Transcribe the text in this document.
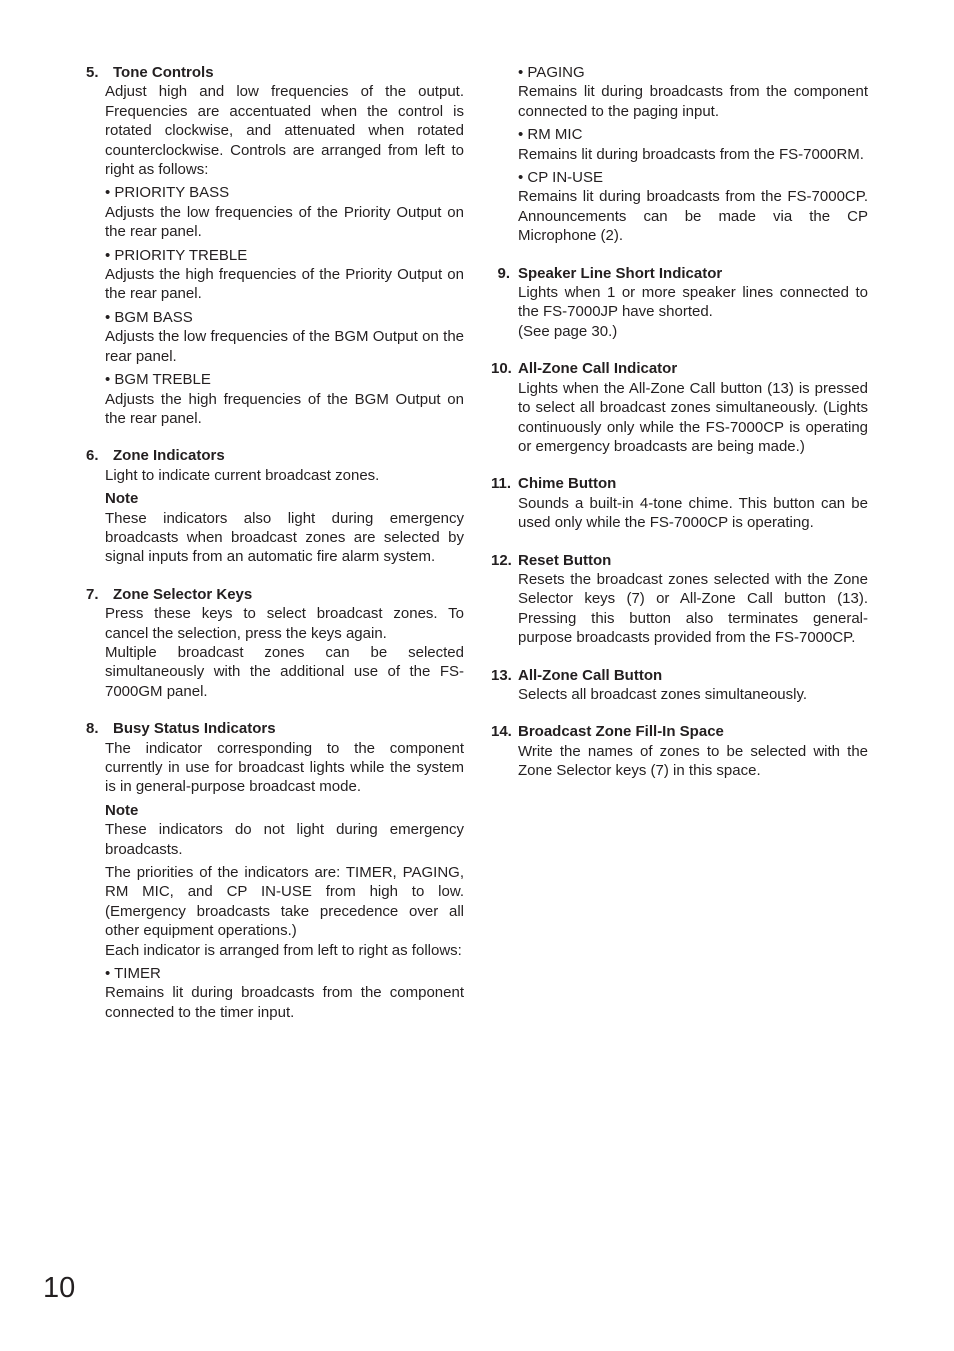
5. Tone Controls

Adjust high and low frequencies of the output. Frequencies are accentuated when the control is rotated clockwise, and attenuated when rotated counterclockwise. Controls are arranged from left to right as follows:

• PRIORITY BASS

Adjusts the low frequencies of the Priority Output on the rear panel.

• PRIORITY TREBLE

Adjusts the high frequencies of the Priority Output on the rear panel.

• BGM BASS

Adjusts the low frequencies of the BGM Output on the rear panel.

• BGM TREBLE

Adjusts the high frequencies of the BGM Output on the rear panel.

6. Zone Indicators

Light to indicate current broadcast zones.

Note

These indicators also light during emergency broadcasts when broadcast zones are selected by signal inputs from an automatic fire alarm system.

7. Zone Selector Keys

Press these keys to select broadcast zones. To cancel the selection, press the keys again.

Multiple broadcast zones can be selected simultaneously with the additional use of the FS-7000GM panel.

8. Busy Status Indicators

The indicator corresponding to the component currently in use for broadcast lights while the system is in general-purpose broadcast mode.

Note

These indicators do not light during emergency broadcasts.

The priorities of the indicators are: TIMER, PAGING, RM MIC, and CP IN-USE from high to low. (Emergency broadcasts take precedence over all other equipment operations.)

Each indicator is arranged from left to right as follows:

• TIMER

Remains lit during broadcasts from the component connected to the timer input.

• PAGING

Remains lit during broadcasts from the component connected to the paging input.

• RM MIC

Remains lit during broadcasts from the FS-7000RM.

• CP IN-USE

Remains lit during broadcasts from the FS-7000CP. Announcements can be made via the CP Microphone (2).

9. Speaker Line Short Indicator

Lights when 1 or more speaker lines connected to the FS-7000JP have shorted.

(See page 30.)

10. All-Zone Call Indicator

Lights when the All-Zone Call button (13) is pressed to select all broadcast zones simultaneously. (Lights continuously only while the FS-7000CP is operating or emergency broadcasts are being made.)

11. Chime Button

Sounds a built-in 4-tone chime. This button can be used only while the FS-7000CP is operating.

12. Reset Button

Resets the broadcast zones selected with the Zone Selector keys (7) or All-Zone Call button (13). Pressing this button also terminates general-purpose broadcasts provided from the FS-7000CP.

13. All-Zone Call Button

Selects all broadcast zones simultaneously.

14. Broadcast Zone Fill-In Space

Write the names of zones to be selected with the Zone Selector keys (7) in this space.

10
